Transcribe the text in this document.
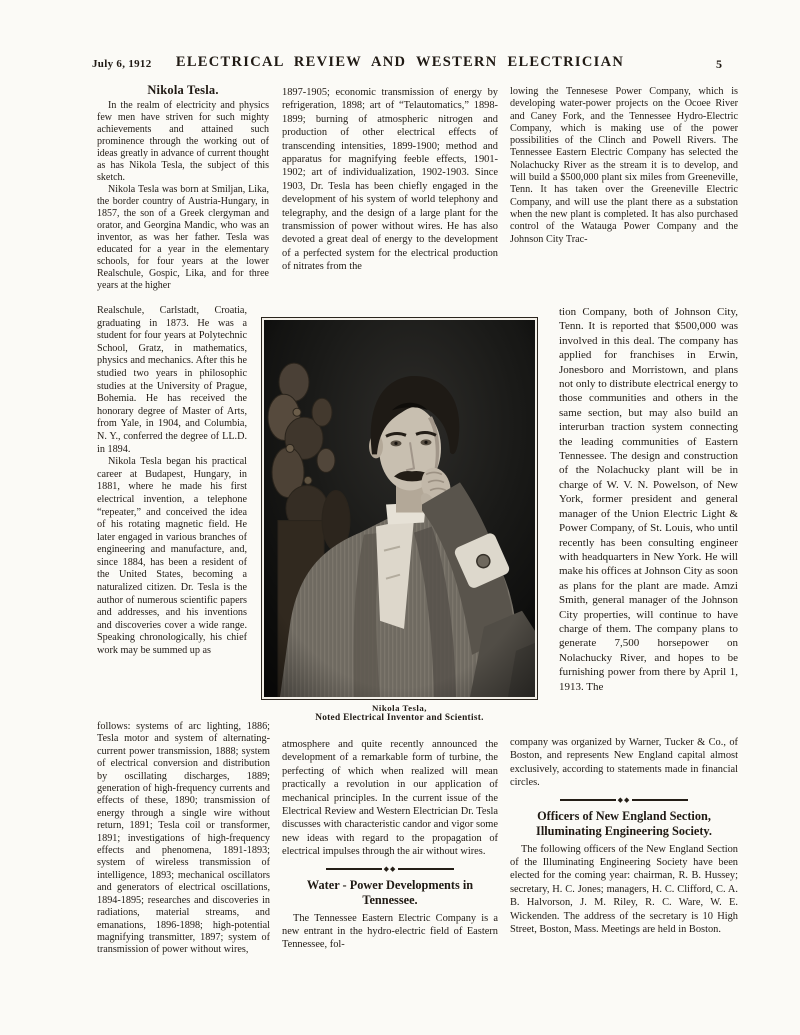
July 6, 1912	ELECTRICAL REVIEW AND WESTERN ELECTRICIAN	5
Nikola Tesla.

In the realm of electricity and physics few men have striven for such mighty achievements and attained such prominence through the working out of ideas greatly in advance of current thought as has Nikola Tesla, the subject of this sketch.

Nikola Tesla was born at Smiljan, Lika, the border country of Austria-Hungary, in 1857, the son of a Greek clergyman and orator, and Georgina Mandic, who was an inventor, as was her father. Tesla was educated for a year in the elementary schools, for four years at the lower Realschule, Gospic, Lika, and for three years at the higher

Realschule, Carlstadt, Croatia, graduating in 1873. He was a student for four years at Polytechnic School, Gratz, in mathematics, physics and mechanics. After this he studied two years in philosophic studies at the University of Prague, Bohemia. He has received the honorary degree of Master of Arts, from Yale, in 1904, and Columbia, N. Y., conferred the degree of LL.D. in 1894.

Nikola Tesla began his practical career at Budapest, Hungary, in 1881, where he made his first electrical invention, a telephone “repeater,” and conceived the idea of his rotating magnetic field. He later engaged in various branches of engineering and manufacture, and, since 1884, has been a resident of the United States, becoming a naturalized citizen. Dr. Tesla is the author of numerous scientific papers and addresses, and his inventions and discoveries cover a wide range. Speaking chronologically, his chief work may be summed up as

follows: systems of arc lighting, 1886; Tesla motor and system of alternating-current power transmission, 1888; system of electrical conversion and distribution by oscillating discharges, 1889; generation of high-frequency currents and effects of these, 1890; transmission of energy through a single wire without return, 1891; Tesla coil or transformer, 1891; investigations of high-frequency effects and phenomena, 1891-1893; system of wireless transmission of intelligence, 1893; mechanical oscillators and generators of electrical oscillations, 1894-1895; researches and discoveries in radiations, material streams, and emanations, 1896-1898; high-potential magnifying transmitter, 1897; system of transmission of power without wires,

1897-1905; economic transmission of energy by refrigeration, 1898; art of “Telautomatics,” 1898-1899; burning of atmospheric nitrogen and production of other electrical effects of transcending intensities, 1899-1900; method and apparatus for magnifying feeble effects, 1901-1902; art of individualization, 1902-1903. Since 1903, Dr. Tesla has been chiefly engaged in the development of his system of world telephony and telegraphy, and the design of a large plant for the transmission of power without wires. He has also devoted a great deal of energy to the development of a perfected system for the electrical production of nitrates from the

Nikola Tesla,
Noted Electrical Inventor and Scientist.

atmosphere and quite recently announced the development of a remarkable form of turbine, the perfecting of which when realized will mean practically a revolution in our application of mechanical principles. In the current issue of the Electrical Review and Western Electrician Dr. Tesla discusses with characteristic candor and vigor some new ideas with regard to the propagation of electrical impulses through the air without wires.

◆◆
Water - Power Developments in Tennessee.

The Tennessee Eastern Electric Company is a new entrant in the hydro-electric field of Eastern Tennessee, fol-

lowing the Tennesese Power Company, which is developing water-power projects on the Ocoee River and Caney Fork, and the Tennessee Hydro-Electric Company, which is making use of the power possibilities of the Clinch and Powell Rivers. The Tennessee Eastern Electric Company has selected the Nolachucky River as the stream it is to develop, and will build a $500,000 plant six miles from Greeneville, Tenn. It has taken over the Greeneville Electric Company, and will use the plant there as a substation when the new plant is completed. It has also purchased control of the Watauga Power Company and the Johnson City Trac-

tion Company, both of Johnson City, Tenn. It is reported that $500,000 was involved in this deal. The company has applied for franchises in Erwin, Jonesboro and Morristown, and plans not only to distribute electrical energy to those communities and others in the same section, but may also build an interurban traction system connecting the leading communities of Eastern Tennessee. The design and construction of the Nolachucky plant will be in charge of W. V. N. Powelson, of New York, former president and general manager of the Union Electric Light & Power Company, of St. Louis, who until recently has been consulting engineer with headquarters in New York. He will make his offices at Johnson City as soon as plans for the plant are made. Amzi Smith, general manager of the Johnson City properties, will continue to have charge of them. The company plans to generate 7,500 horsepower on Nolachucky River, and hopes to be furnishing power from there by April 1, 1913. The

company was organized by Warner, Tucker & Co., of Boston, and represents New England capital almost exclusively, according to statements made in financial circles.

◆◆
Officers of New England Section, Illuminating Engineering Society.

The following officers of the New England Section of the Illuminating Engineering Society have been elected for the coming year: chairman, R. B. Hussey; secretary, H. C. Jones; managers, H. C. Clifford, C. A. B. Halvorson, J. M. Riley, R. C. Ware, W. E. Wickenden. The address of the secretary is 10 High Street, Boston, Mass. Meetings are held in Boston.
